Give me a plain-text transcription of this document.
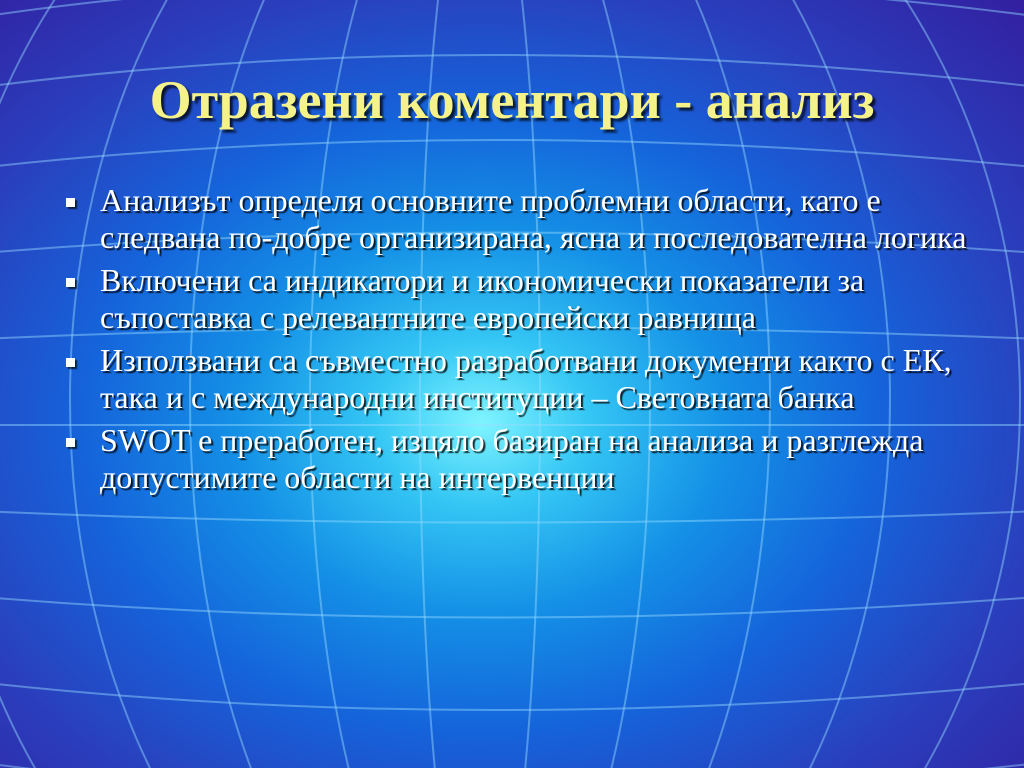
Отразени коментари - анализ
Анализът определя основните проблемни области, като е следвана по-добре организирана, ясна и последователна логика
Включени са индикатори и икономически показатели за съпоставка с релевантните европейски равнища
Използвани са съвместно разработвани документи както с ЕК, така и с международни институции – Световната банка
SWOT е преработен, изцяло базиран на анализа и разглежда допустимите области на интервенции
